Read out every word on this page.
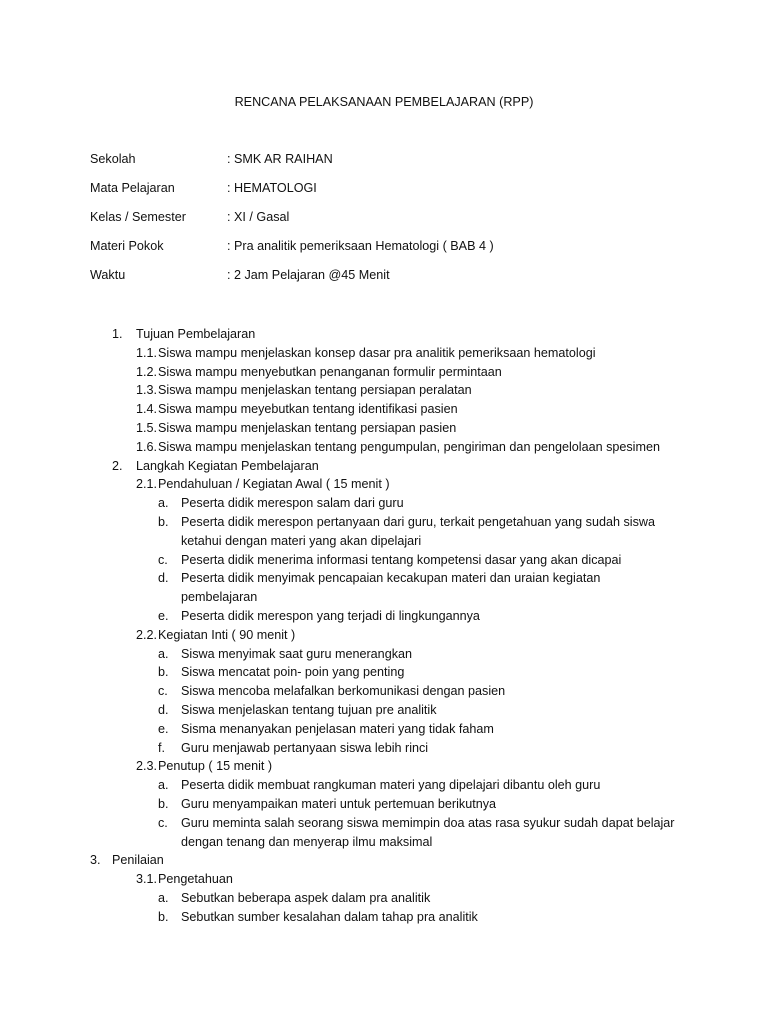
RENCANA PELAKSANAAN PEMBELAJARAN (RPP)
Sekolah	: SMK AR RAIHAN
Mata Pelajaran	: HEMATOLOGI
Kelas / Semester	: XI / Gasal
Materi Pokok	: Pra analitik pemeriksaan Hematologi ( BAB 4 )
Waktu	: 2 Jam Pelajaran @45 Menit
1. Tujuan Pembelajaran
1.1. Siswa mampu menjelaskan konsep dasar pra analitik pemeriksaan hematologi
1.2. Siswa mampu menyebutkan penanganan formulir permintaan
1.3. Siswa mampu menjelaskan tentang persiapan peralatan
1.4. Siswa mampu meyebutkan tentang identifikasi pasien
1.5. Siswa mampu menjelaskan tentang persiapan pasien
1.6. Siswa mampu menjelaskan tentang pengumpulan, pengiriman dan pengelolaan spesimen
2. Langkah Kegiatan Pembelajaran
2.1. Pendahuluan / Kegiatan Awal ( 15 menit )
a. Peserta didik merespon salam dari guru
b. Peserta didik merespon pertanyaan dari guru, terkait pengetahuan yang sudah siswa
ketahui dengan materi yang akan dipelajari
c. Peserta didik menerima informasi tentang kompetensi dasar yang akan dicapai
d. Peserta didik menyimak pencapaian kecakupan materi dan uraian kegiatan
pembelajaran
e. Peserta didik merespon yang terjadi di lingkungannya
2.2. Kegiatan Inti ( 90 menit )
a. Siswa menyimak saat guru menerangkan
b. Siswa mencatat poin- poin yang penting
c. Siswa mencoba melafalkan berkomunikasi dengan pasien
d. Siswa menjelaskan tentang tujuan pre analitik
e. Sisma menanyakan penjelasan materi yang tidak faham
f. Guru menjawab pertanyaan siswa lebih rinci
2.3. Penutup ( 15 menit )
a. Peserta didik membuat rangkuman materi yang dipelajari dibantu oleh guru
b. Guru menyampaikan materi untuk pertemuan berikutnya
c. Guru meminta salah seorang siswa memimpin doa atas rasa syukur sudah dapat belajar
dengan tenang dan menyerap ilmu maksimal
3. Penilaian
3.1. Pengetahuan
a. Sebutkan beberapa aspek dalam pra analitik
b. Sebutkan sumber kesalahan dalam tahap pra analitik
